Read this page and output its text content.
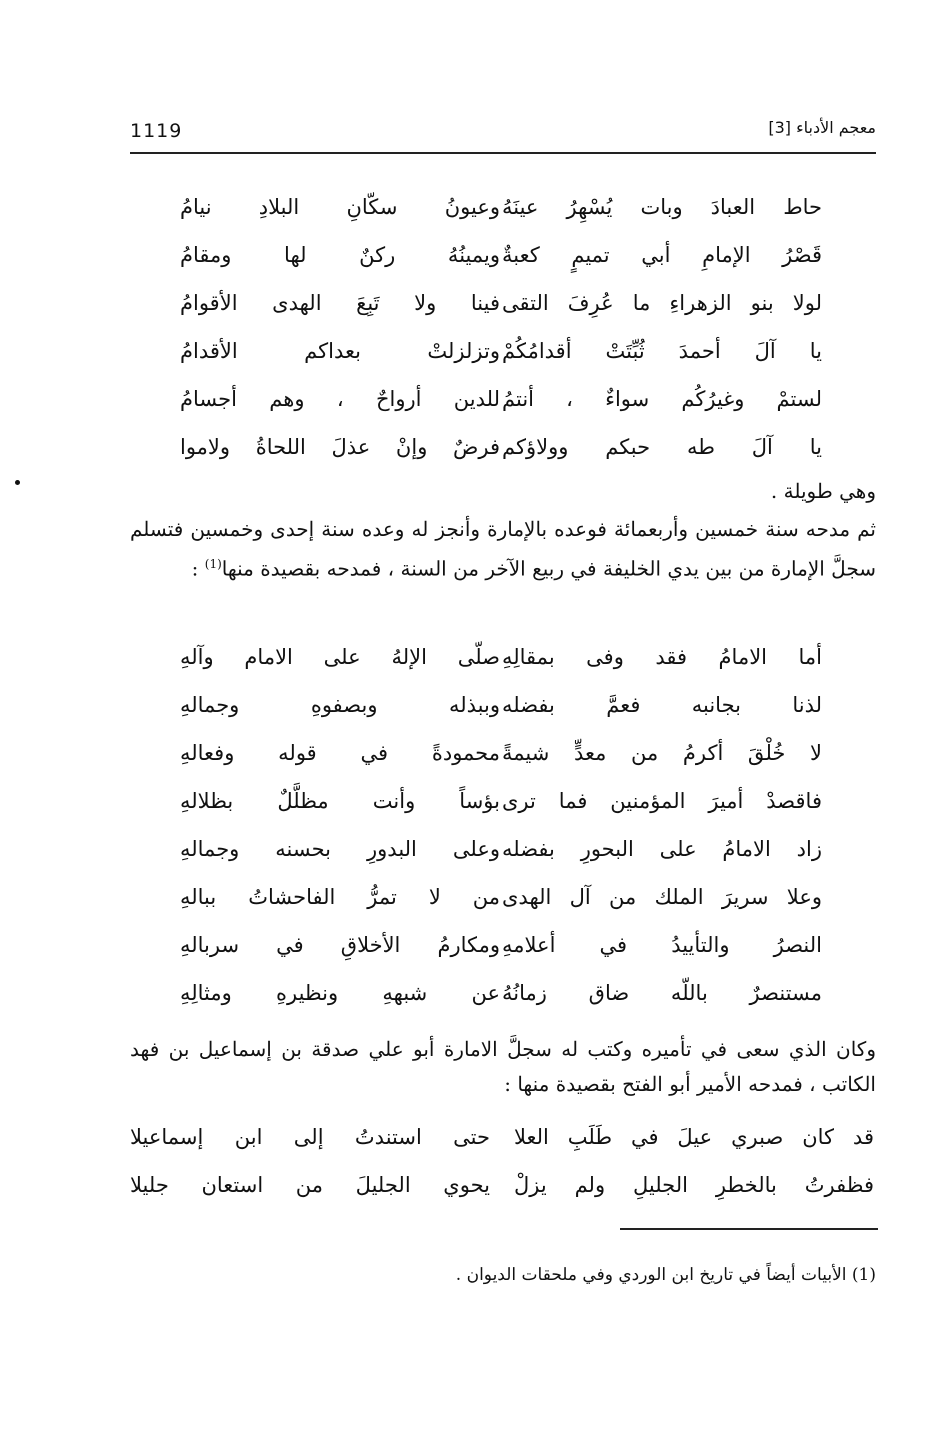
1119	معجم الأدباء [3]
حاط العبادَ وبات يُسْهِرُ عينَهُ
وعيونُ سكّانِ البلادِ نيامُ
قَصْرُ الإمامِ أبي تميمٍ كعبةٌ
ويمينُهُ ركنٌ لها ومقامُ
لولا بنو الزهراءِ ما عُرِفَ التقى
فينا ولا تَبِعَ الهدى الأقوامُ
يا آلَ أحمدَ ثُبِّتَتْ أقدامُكُمْ
وتزلزلتْ بعداكم الأقدامُ
لستمْ وغيرُكُم سواءٌ ، أنتمُ
للدين أرواحٌ ، وهم أجسامُ
يا آلَ طه حبكم وولاؤكم
فرضٌ وإنْ عذلَ اللحاةُ ولاموا
وهي طويلة .
ثم مدحه سنة خمسين وأربعمائة فوعده بالإمارة وأنجز له وعده سنة إحدى وخمسين فتسلم سجلَّ الإمارة من بين يدي الخليفة في ربيع الآخر من السنة ، فمدحه بقصيدة منها$^{(1)}$ :
أما الامامُ فقد وفى بمقالِهِ
صلّى الإلهُ على الامام وآلهِ
لذنا بجانبه فعمَّ بفضله
وببذله وبصفوهِ وجمالهِ
لا خُلْقَ أكرمُ من معدٍّ شيمةً
محمودةً في قوله وفعالهِ
فاقصدْ أميرَ المؤمنين فما ترى
بؤساً وأنت مظلَّلٌ بظلالهِ
زاد الامامُ على البحورِ بفضله
وعلى البدورِ بحسنه وجمالهِ
وعلا سريرَ الملك من آل الهدى
من لا تمرُّ الفاحشاتُ ببالهِ
النصرُ والتأييدُ في أعلامهِ
ومكارمُ الأخلاقِ في سربالهِ
مستنصرٌ باللّه ضاق زمانُهُ
عن شبههِ ونظيرهِ ومثالِهِ
وكان الذي سعى في تأميره وكتب له سجلَّ الامارة أبو علي صدقة بن إسماعيل بن فهد الكاتب ، فمدحه الأمير أبو الفتح بقصيدة منها :
قد كان صبري عيلَ في طَلَبِ العلا
حتى استندتُ إلى ابن إسماعيلا
فظفرتُ بالخطرِ الجليلِ ولم يزلْ
يحوي الجليلَ من استعان جليلا
(1) الأبيات أيضاً في تاريخ ابن الوردي وفي ملحقات الديوان .
